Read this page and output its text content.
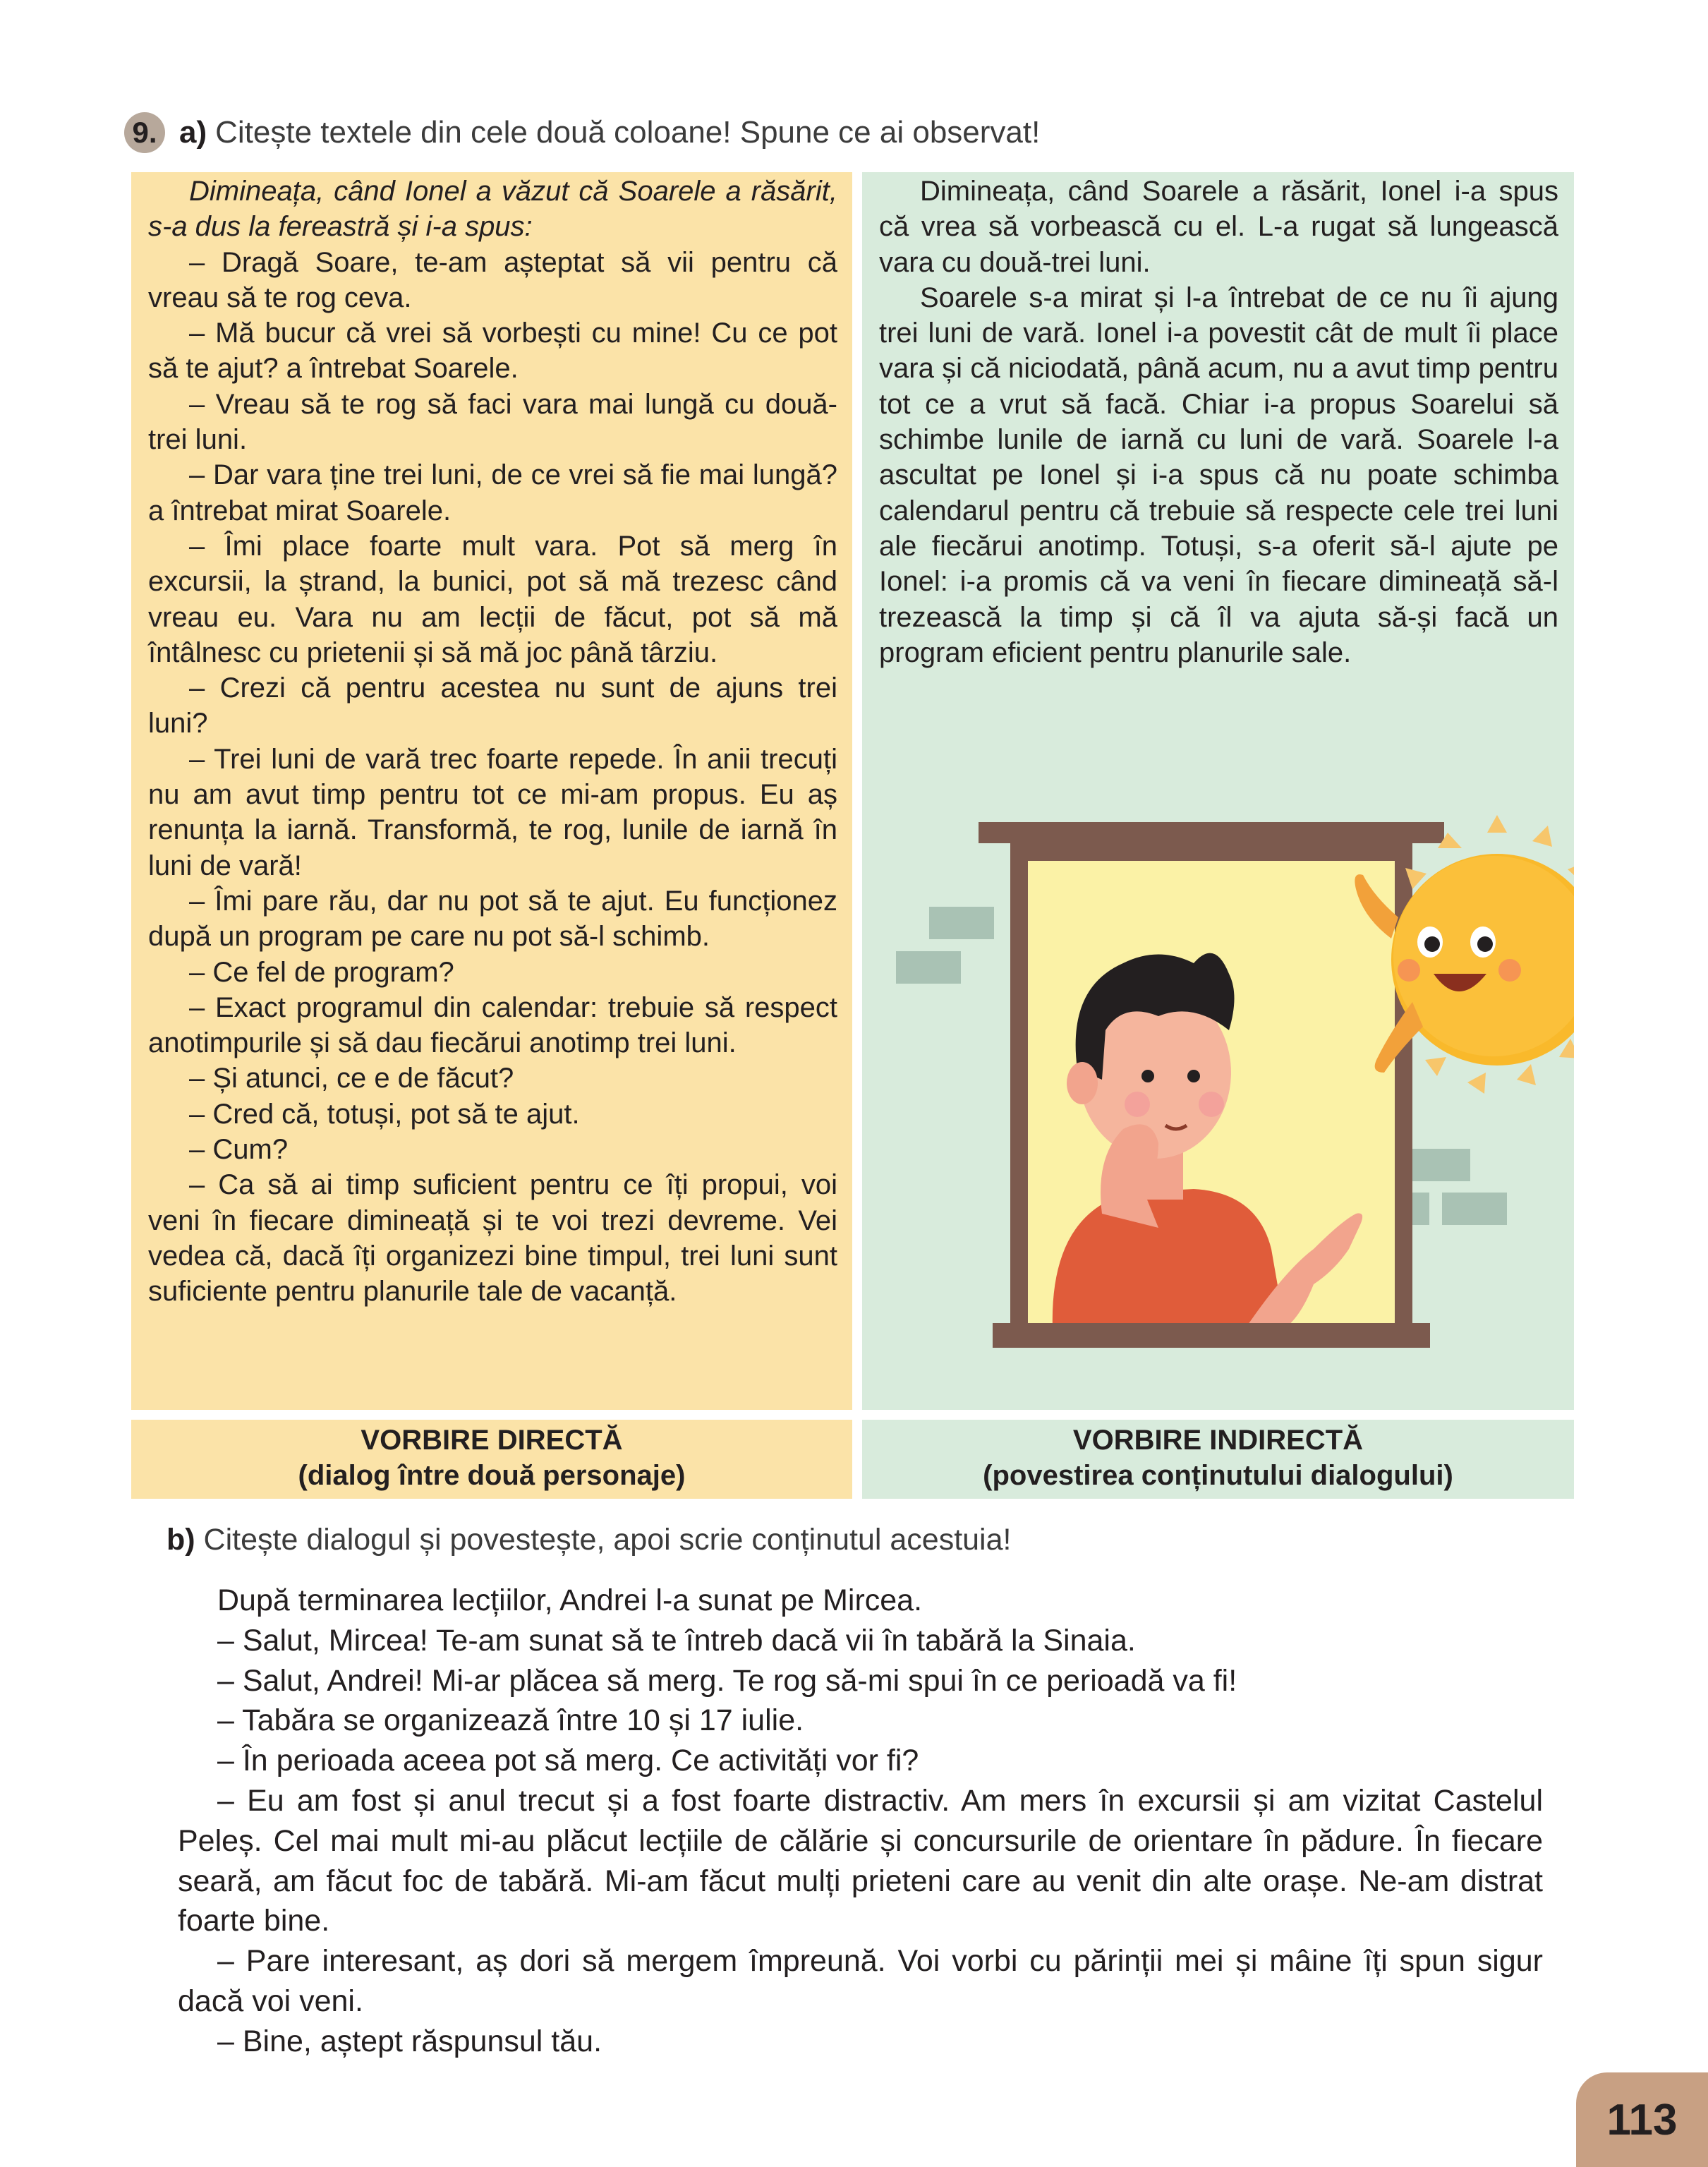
9. a) Citește textele din cele două coloane! Spune ce ai observat!

Dimineața, când Ionel a văzut că Soarele a răsărit, s-a dus la fereastră și i-a spus:

– Dragă Soare, te-am așteptat să vii pentru că vreau să te rog ceva.

– Mă bucur că vrei să vorbești cu mine! Cu ce pot să te ajut? a întrebat Soarele.

– Vreau să te rog să faci vara mai lungă cu două-trei luni.

– Dar vara ține trei luni, de ce vrei să fie mai lungă? a întrebat mirat Soarele.

– Îmi place foarte mult vara. Pot să merg în excursii, la ștrand, la bunici, pot să mă trezesc când vreau eu. Vara nu am lecții de făcut, pot să mă întâlnesc cu prietenii și să mă joc până târziu.

– Crezi că pentru acestea nu sunt de ajuns trei luni?

– Trei luni de vară trec foarte repede. În anii trecuți nu am avut timp pentru tot ce mi-am propus. Eu aș renunța la iarnă. Transformă, te rog, lunile de iarnă în luni de vară!

– Îmi pare rău, dar nu pot să te ajut. Eu funcționez după un program pe care nu pot să-l schimb.

– Ce fel de program?

– Exact programul din calendar: trebuie să respect anotimpurile și să dau fiecărui anotimp trei luni.

– Și atunci, ce e de făcut?

– Cred că, totuși, pot să te ajut.

– Cum?

– Ca să ai timp suficient pentru ce îți propui, voi veni în fiecare dimineață și te voi trezi devreme. Vei vedea că, dacă îți organizezi bine timpul, trei luni sunt suficiente pentru planurile tale de vacanță.

Dimineața, când Soarele a răsărit, Ionel i-a spus că vrea să vorbească cu el. L-a rugat să lungească vara cu două-trei luni.

Soarele s-a mirat și l-a întrebat de ce nu îi ajung trei luni de vară. Ionel i-a povestit cât de mult îi place vara și că niciodată, până acum, nu a avut timp pentru tot ce a vrut să facă. Chiar i-a propus Soarelui să schimbe lunile de iarnă cu luni de vară. Soarele l-a ascultat pe Ionel și i-a spus că nu poate schimba calendarul pentru că trebuie să respecte cele trei luni ale fiecărui anotimp. Totuși, s-a oferit să-l ajute pe Ionel: i-a promis că va veni în fiecare dimineață să-l trezească la timp și că îl va ajuta să-și facă un program eficient pentru planurile sale.

VORBIRE DIRECTĂ
(dialog între două personaje)
VORBIRE INDIRECTĂ
(povestirea conținutului dialogului)
b) Citește dialogul și povestește, apoi scrie conținutul acestuia!

După terminarea lecțiilor, Andrei l-a sunat pe Mircea.

– Salut, Mircea! Te-am sunat să te întreb dacă vii în tabără la Sinaia.

– Salut, Andrei! Mi-ar plăcea să merg. Te rog să-mi spui în ce perioadă va fi!

– Tabăra se organizează între 10 și 17 iulie.

– În perioada aceea pot să merg. Ce activități vor fi?

– Eu am fost și anul trecut și a fost foarte distractiv. Am mers în excursii și am vizitat Castelul Peleș. Cel mai mult mi-au plăcut lecțiile de călărie și concursurile de orientare în pădure. În fiecare seară, am făcut foc de tabără. Mi-am făcut mulți prieteni care au venit din alte orașe. Ne-am distrat foarte bine.

– Pare interesant, aș dori să mergem împreună. Voi vorbi cu părinții mei și mâine îți spun sigur dacă voi veni.

– Bine, aștept răspunsul tău.

113
